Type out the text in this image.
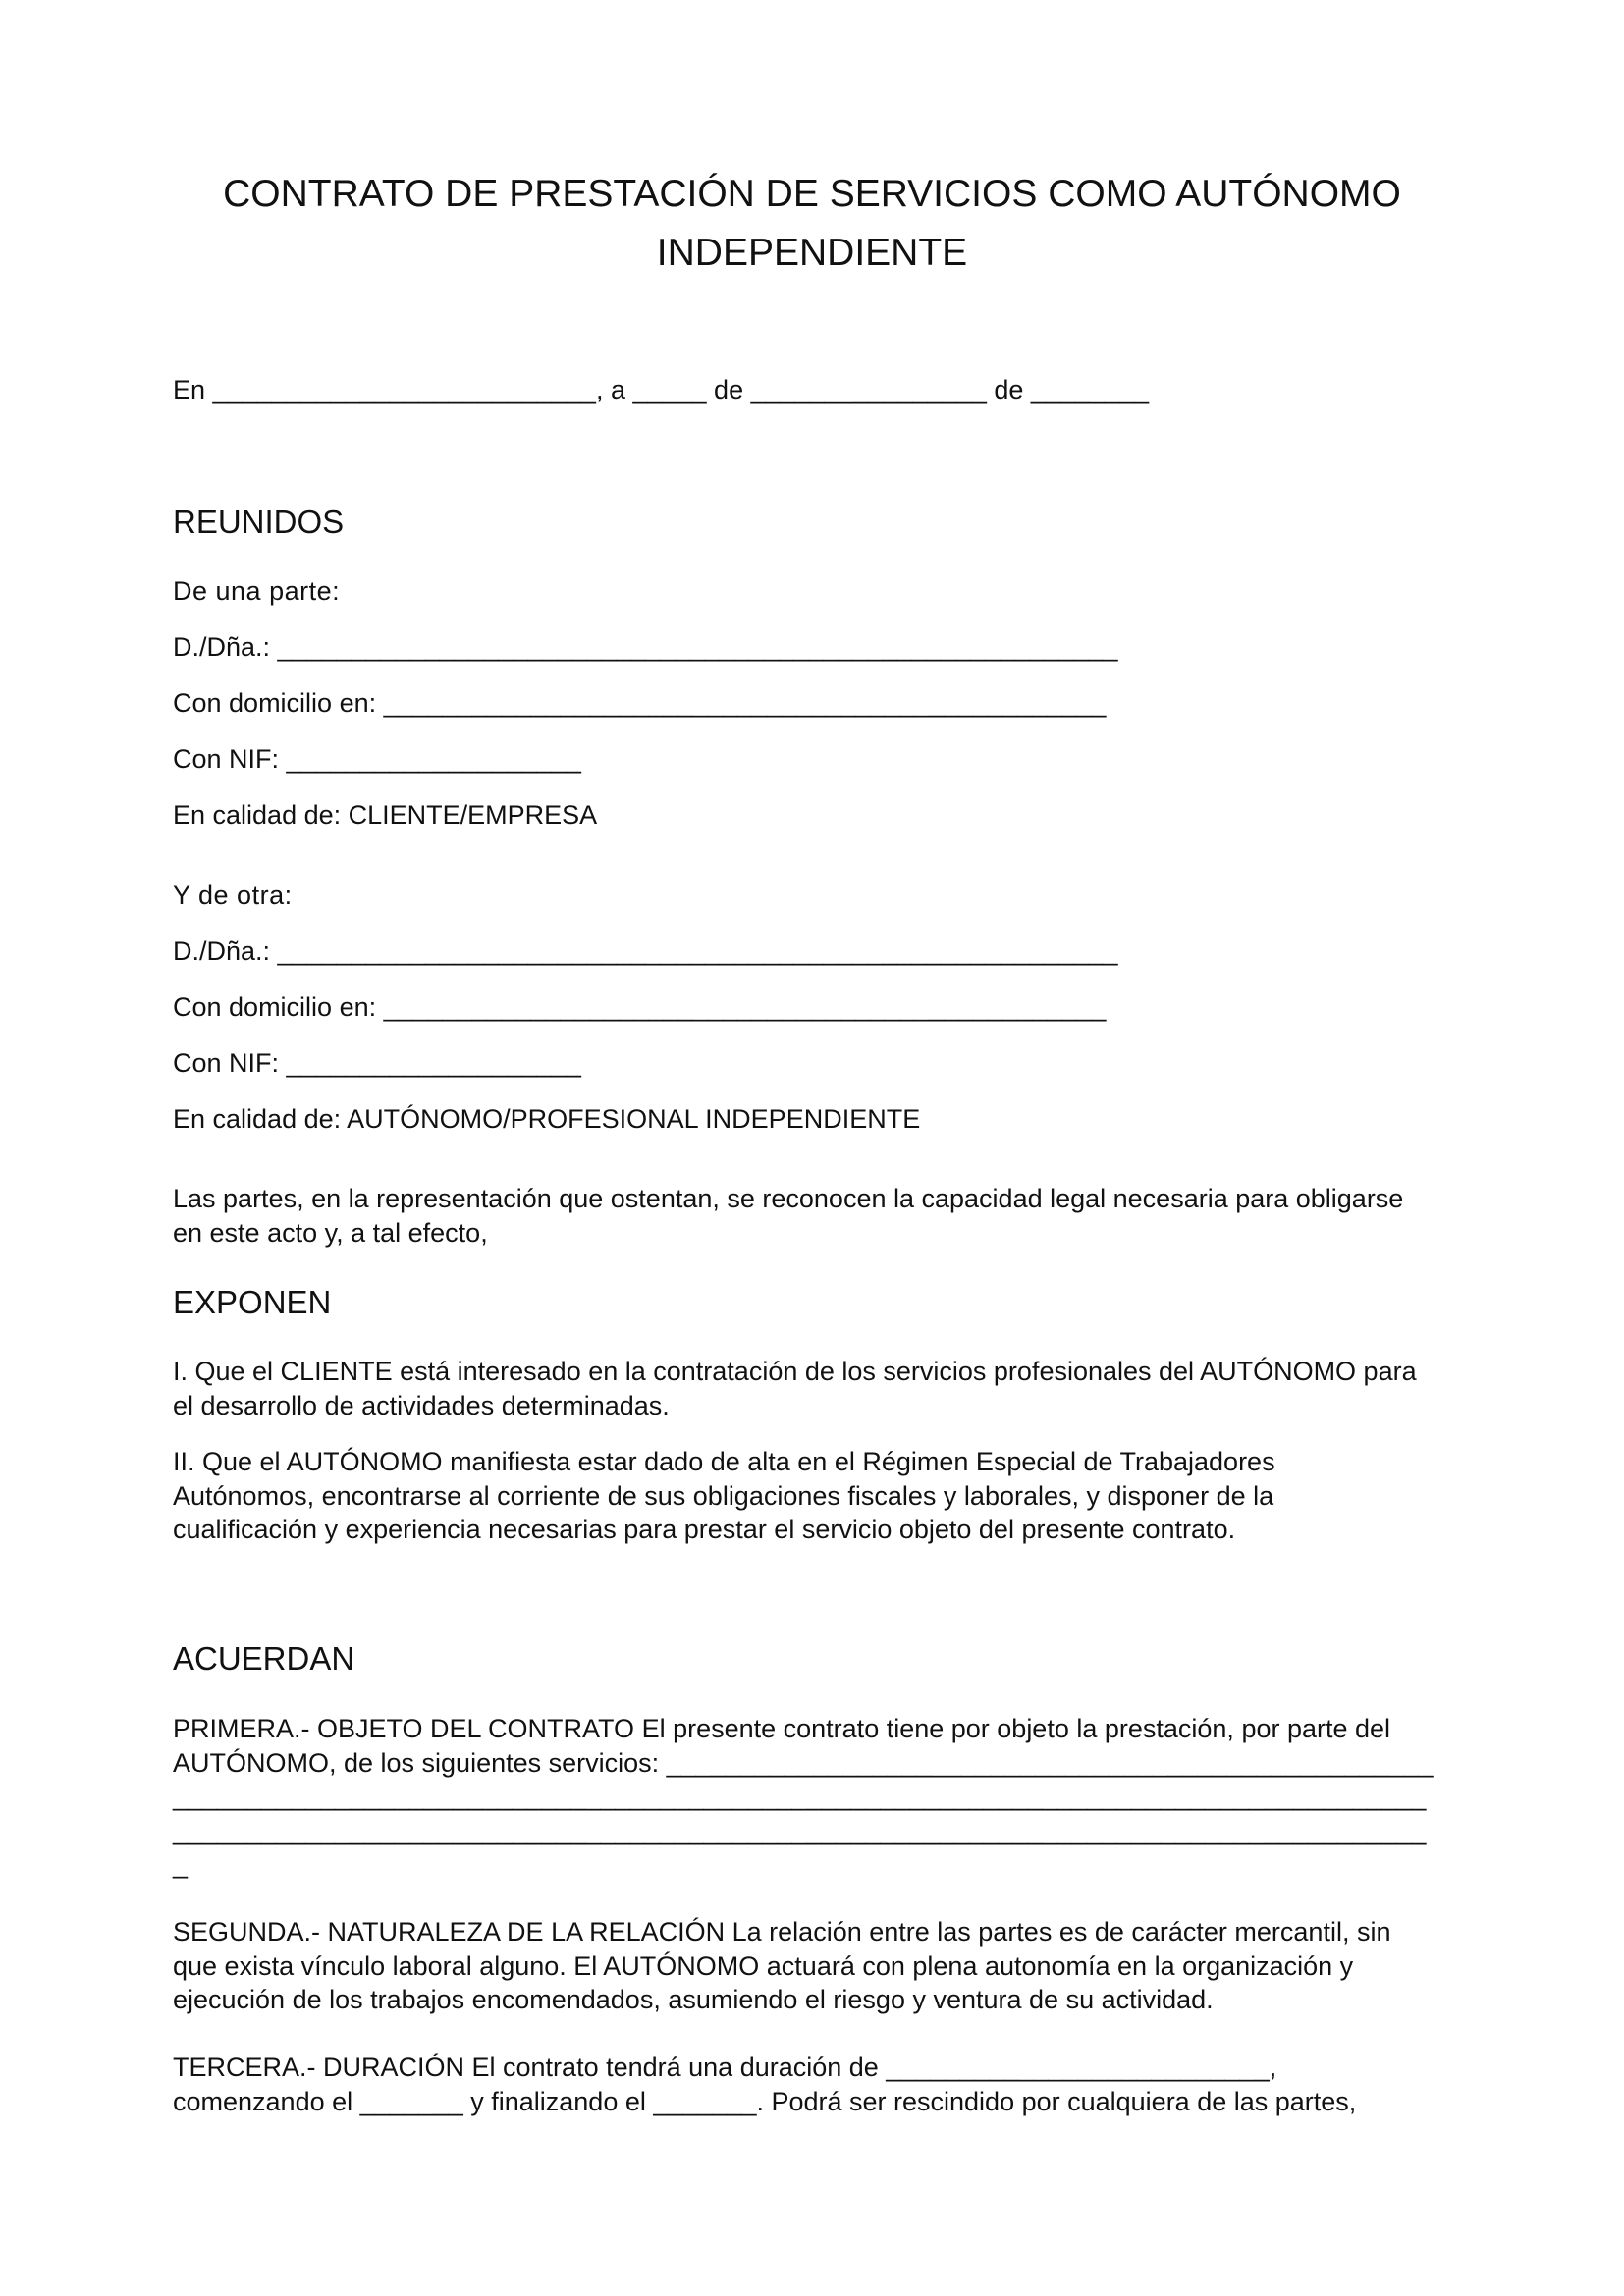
CONTRATO DE PRESTACIÓN DE SERVICIOS COMO AUTÓNOMO
INDEPENDIENTE

En __________________________, a _____ de ________________ de ________

REUNIDOS

De una parte:

D./Dña.: _________________________________________________________

Con domicilio en: _________________________________________________

Con NIF: ____________________

En calidad de: CLIENTE/EMPRESA

Y de otra:

D./Dña.: _________________________________________________________

Con domicilio en: _________________________________________________

Con NIF: ____________________

En calidad de: AUTÓNOMO/PROFESIONAL INDEPENDIENTE

Las partes, en la representación que ostentan, se reconocen la capacidad legal necesaria para obligarse
en este acto y, a tal efecto,
EXPONEN
I. Que el CLIENTE está interesado en la contratación de los servicios profesionales del AUTÓNOMO para
el desarrollo de actividades determinadas.
II. Que el AUTÓNOMO manifiesta estar dado de alta en el Régimen Especial de Trabajadores
Autónomos, encontrarse al corriente de sus obligaciones fiscales y laborales, y disponer de la
cualificación y experiencia necesarias para prestar el servicio objeto del presente contrato.
ACUERDAN
PRIMERA.- OBJETO DEL CONTRATO El presente contrato tiene por objeto la prestación, por parte del
AUTÓNOMO, de los siguientes servicios: ____________________________________________________
_____________________________________________________________________________________
_____________________________________________________________________________________
_
SEGUNDA.- NATURALEZA DE LA RELACIÓN La relación entre las partes es de carácter mercantil, sin
que exista vínculo laboral alguno. El AUTÓNOMO actuará con plena autonomía en la organización y
ejecución de los trabajos encomendados, asumiendo el riesgo y ventura de su actividad.
TERCERA.- DURACIÓN El contrato tendrá una duración de __________________________,
comenzando el _______ y finalizando el _______. Podrá ser rescindido por cualquiera de las partes,
